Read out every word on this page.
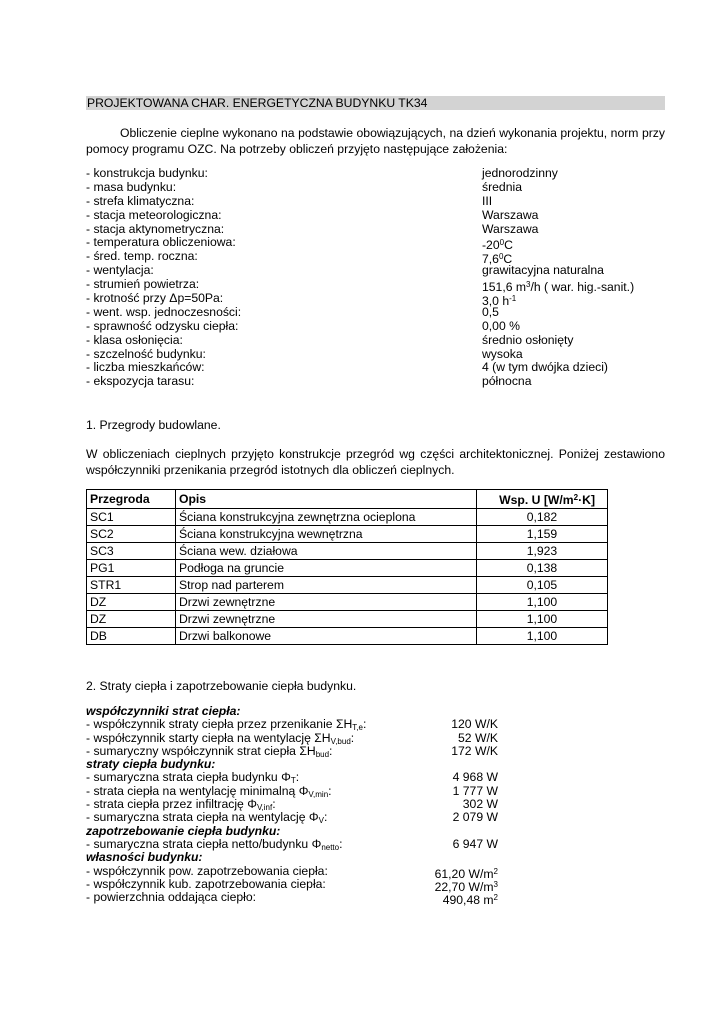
PROJEKTOWANA CHAR. ENERGETYCZNA BUDYNKU TK34
Obliczenie cieplne wykonano na podstawie obowiązujących, na dzień wykonania projektu, norm przy pomocy programu OZC. Na potrzeby obliczeń przyjęto następujące założenia:
- konstrukcja budynku:	jednorodzinny
- masa budynku:	średnia
- strefa klimatyczna:	III
- stacja meteorologiczna:	Warszawa
- stacja aktynometryczna:	Warszawa
- temperatura obliczeniowa:	$-20^0C$
- śred. temp. roczna:	$7,6^0C$
- wentylacja:	grawitacyjna naturalna
- strumień powietrza:	151,6 $m^3/h$ ( war. hig.-sanit.)
- krotność przy Δp=50Pa:	3,0 $h^{-1}$
- went. wsp. jednoczesności:	0,5
- sprawność odzysku ciepła:	0,00 %
- klasa osłonięcia:	średnio osłonięty
- szczelność budynku:	wysoka
- liczba mieszkańców:	4 (w tym dwójka dzieci)
- ekspozycja tarasu:	północna
1. Przegrody budowlane.
W obliczeniach cieplnych przyjęto konstrukcje przegród wg części architektonicznej. Poniżej zestawiono współczynniki przenikania przegród istotnych dla obliczeń cieplnych.
Przegroda	Opis	Wsp. U $[W/m^2\cdot K]$
SC1	Ściana konstrukcyjna zewnętrzna ocieplona	0,182
SC2	Ściana konstrukcyjna wewnętrzna	1,159
SC3	Ściana wew. działowa	1,923
PG1	Podłoga na gruncie	0,138
STR1	Strop nad parterem	0,105
DZ	Drzwi zewnętrzne	1,100
DZ	Drzwi zewnętrzne	1,100
DB	Drzwi balkonowe	1,100
2. Straty ciepła i zapotrzebowanie ciepła budynku.
współczynniki strat ciepła:
- współczynnik straty ciepła przez przenikanie $\Sigma H_{T,e}$:	120 W/K
- współczynnik starty ciepła na wentylację $\Sigma H_{V,bud}$:	52 W/K
- sumaryczny współczynnik strat ciepła $\Sigma H_{bud}$:	172 W/K
straty ciepła budynku:
- sumaryczna strata ciepła budynku $\Phi_T$:	4 968 W
- strata ciepła na wentylację minimalną $\Phi_{V,min}$:	1 777 W
- strata ciepła przez infiltrację $\Phi_{V,inf}$:	302 W
- sumaryczna strata ciepła na wentylację $\Phi_V$:	2 079 W
zapotrzebowanie ciepła budynku:
- sumaryczna strata ciepła netto/budynku $\Phi_{netto}$:	6 947 W
własności budynku:
- współczynnik pow. zapotrzebowania ciepła:	61,20 $W/m^2$
- współczynnik kub. zapotrzebowania ciepła:	22,70 $W/m^3$
- powierzchnia oddająca ciepło:	490,48 $m^2$
